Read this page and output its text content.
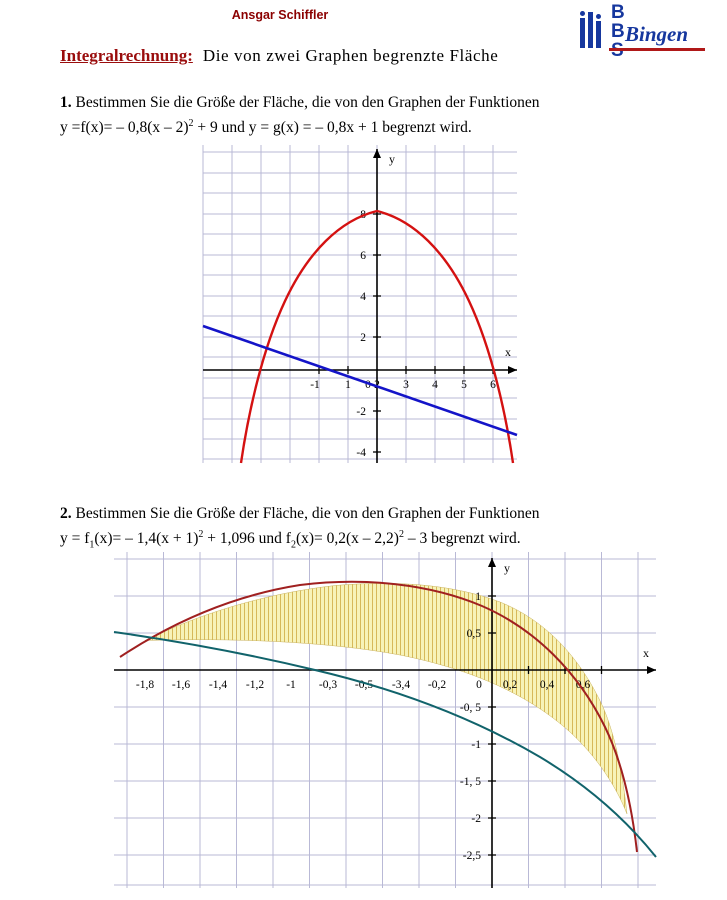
Ansgar Schiffler	B
B Bingen
Integralrechnung: Die von zwei Graphen begrenzte Fläche
1. Bestimmen Sie die Größe der Fläche, die von den Graphen der Funktionen
y =f(x)= – 0,8(x – 2)$^2$ + 9 und y = g(x) = – 0,8x + 1 begrenzt wird.
-1	0
1 2 3 4 5 6
2
4
6
8
-2
-4
y
x
2. Bestimmen Sie die Größe der Fläche, die von den Graphen der Funktionen
$y = f_1(x)= - 1,4(x + 1)^2 + 1,096$ und $f_2(x)= 0,2(x - 2,2)^2 - 3$ begrenzt wird.
-1,8 -1,6 -1,4 -1,2 -1 -0,3 -0,5 -3,4 -0,2	0 0,2 0,4 0,6
1
0,5
-0, 5
-1
-1, 5
-2
-2,5
y
x
